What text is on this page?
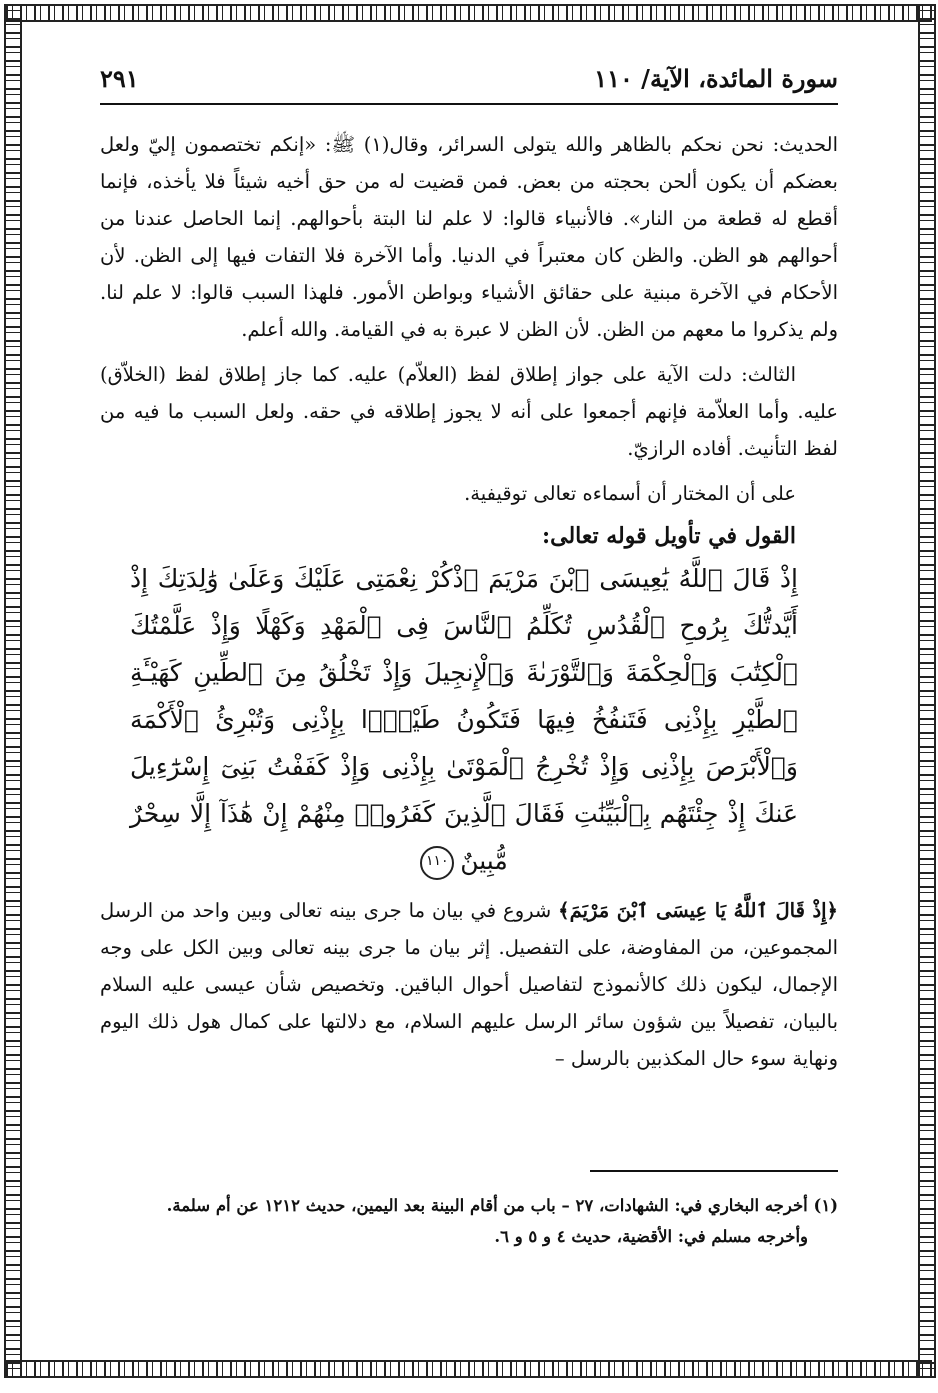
سورة المائدة، الآية/ ١١٠
٢٩١

الحديث: نحن نحكم بالظاهر والله يتولى السرائر، وقال(١) ﷺ: «إنكم تختصمون إليّ ولعل بعضكم أن يكون ألحن بحجته من بعض. فمن قضيت له من حق أخيه شيئاً فلا يأخذه، فإنما أقطع له قطعة من النار». فالأنبياء قالوا: لا علم لنا البتة بأحوالهم. إنما الحاصل عندنا من أحوالهم هو الظن. والظن كان معتبراً في الدنيا. وأما الآخرة فلا التفات فيها إلى الظن. لأن الأحكام في الآخرة مبنية على حقائق الأشياء وبواطن الأمور. فلهذا السبب قالوا: لا علم لنا. ولم يذكروا ما معهم من الظن. لأن الظن لا عبرة به في القيامة. والله أعلم.

الثالث: دلت الآية على جواز إطلاق لفظ (العلاّم) عليه. كما جاز إطلاق لفظ (الخلاّق) عليه. وأما العلاّمة فإنهم أجمعوا على أنه لا يجوز إطلاقه في حقه. ولعل السبب ما فيه من لفظ التأنيث. أفاده الرازيّ.

على أن المختار أن أسماءه تعالى توقيفية.

القول في تأويل قوله تعالى:

إِذْ قَالَ ٱللَّهُ يَٰعِيسَى ٱبْنَ مَرْيَمَ ٱذْكُرْ نِعْمَتِى عَلَيْكَ وَعَلَىٰ وَٰلِدَتِكَ إِذْ أَيَّدتُّكَ بِرُوحِ ٱلْقُدُسِ تُكَلِّمُ ٱلنَّاسَ فِى ٱلْمَهْدِ وَكَهْلًا وَإِذْ عَلَّمْتُكَ ٱلْكِتَٰبَ وَٱلْحِكْمَةَ وَٱلتَّوْرَىٰةَ وَٱلْإِنجِيلَ وَإِذْ تَخْلُقُ مِنَ ٱلطِّينِ كَهَيْـَٔةِ ٱلطَّيْرِ بِإِذْنِى فَتَنفُخُ فِيهَا فَتَكُونُ طَيْرًۢا بِإِذْنِى وَتُبْرِئُ ٱلْأَكْمَهَ وَٱلْأَبْرَصَ بِإِذْنِى وَإِذْ تُخْرِجُ ٱلْمَوْتَىٰ بِإِذْنِى وَإِذْ كَفَفْتُ بَنِىٓ إِسْرَٰٓءِيلَ عَنكَ إِذْ جِئْتَهُم بِٱلْبَيِّنَٰتِ فَقَالَ ٱلَّذِينَ كَفَرُوا۟ مِنْهُمْ إِنْ هَٰذَآ إِلَّا سِحْرٌ مُّبِينٌ١١٠

﴿إِذْ قَالَ ٱللَّهُ يَا عِيسَى ٱبْنَ مَرْيَمَ﴾ شروع في بيان ما جرى بينه تعالى وبين واحد من الرسل المجموعين، من المفاوضة، على التفصيل. إثر بيان ما جرى بينه تعالى وبين الكل على وجه الإجمال، ليكون ذلك كالأنموذج لتفاصيل أحوال الباقين. وتخصيص شأن عيسى عليه السلام بالبيان، تفصيلاً بين شؤون سائر الرسل عليهم السلام، مع دلالتها على كمال هول ذلك اليوم ونهاية سوء حال المكذبين بالرسل –

(١) أخرجه البخاري في: الشهادات، ٢٧ – باب من أقام البينة بعد اليمين، حديث ١٢١٢ عن أم سلمة.

وأخرجه مسلم في: الأقضية، حديث ٤ و ٥ و ٦.
